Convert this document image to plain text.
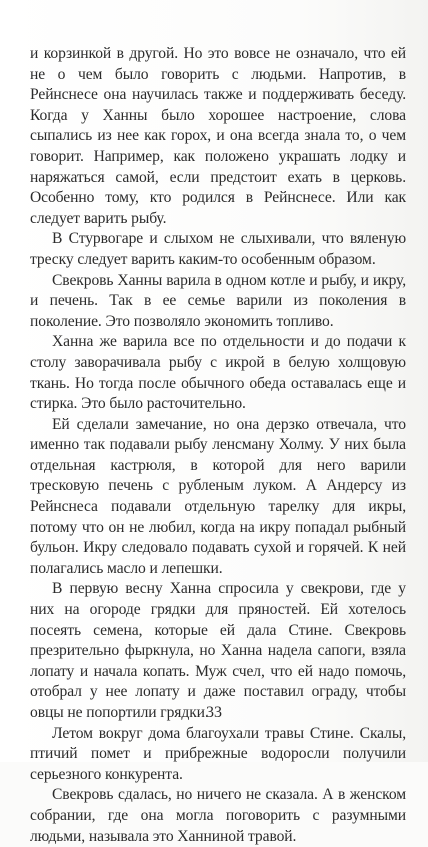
и корзинкой в другой. Но это вовсе не означало, что ей не о чем было говорить с людьми. Напротив, в Рейнснесе она научилась также и поддерживать беседу. Когда у Ханны было хорошее настроение, слова сыпались из нее как горох, и она всегда знала то, о чем говорит. Например, как положено украшать лодку и наряжаться самой, если предстоит ехать в церковь. Особенно тому, кто родился в Рейнснесе. Или как следует варить рыбу.

В Стурвогаре и слыхом не слыхивали, что вяленую треску следует варить каким-то особенным образом.

Свекровь Ханны варила в одном котле и рыбу, и икру, и печень. Так в ее семье варили из поколения в поколение. Это позволяло экономить топливо.

Ханна же варила все по отдельности и до подачи к столу заворачивала рыбу с икрой в белую холщовую ткань. Но тогда после обычного обеда оставалась еще и стирка. Это было расточительно.

Ей сделали замечание, но она дерзко отвечала, что именно так подавали рыбу ленсману Холму. У них была отдельная кастрюля, в которой для него варили тресковую печень с рубленым луком. А Андерсу из Рейнснеса подавали отдельную тарелку для икры, потому что он не любил, когда на икру попадал рыбный бульон. Икру следовало подавать сухой и горячей. К ней полагались масло и лепешки.

В первую весну Ханна спросила у свекрови, где у них на огороде грядки для пряностей. Ей хотелось посеять семена, которые ей дала Стине. Свекровь презрительно фыркнула, но Ханна надела сапоги, взяла лопату и начала копать. Муж счел, что ей надо помочь, отобрал у нее лопату и даже поставил ограду, чтобы овцы не попортили грядки.

Летом вокруг дома благоухали травы Стине. Скалы, птичий помет и прибрежные водоросли получили серьезного конкурента.

Свекровь сдалась, но ничего не сказала. А в женском собрании, где она могла поговорить с разумными людьми, называла это Ханниной травой.

33
